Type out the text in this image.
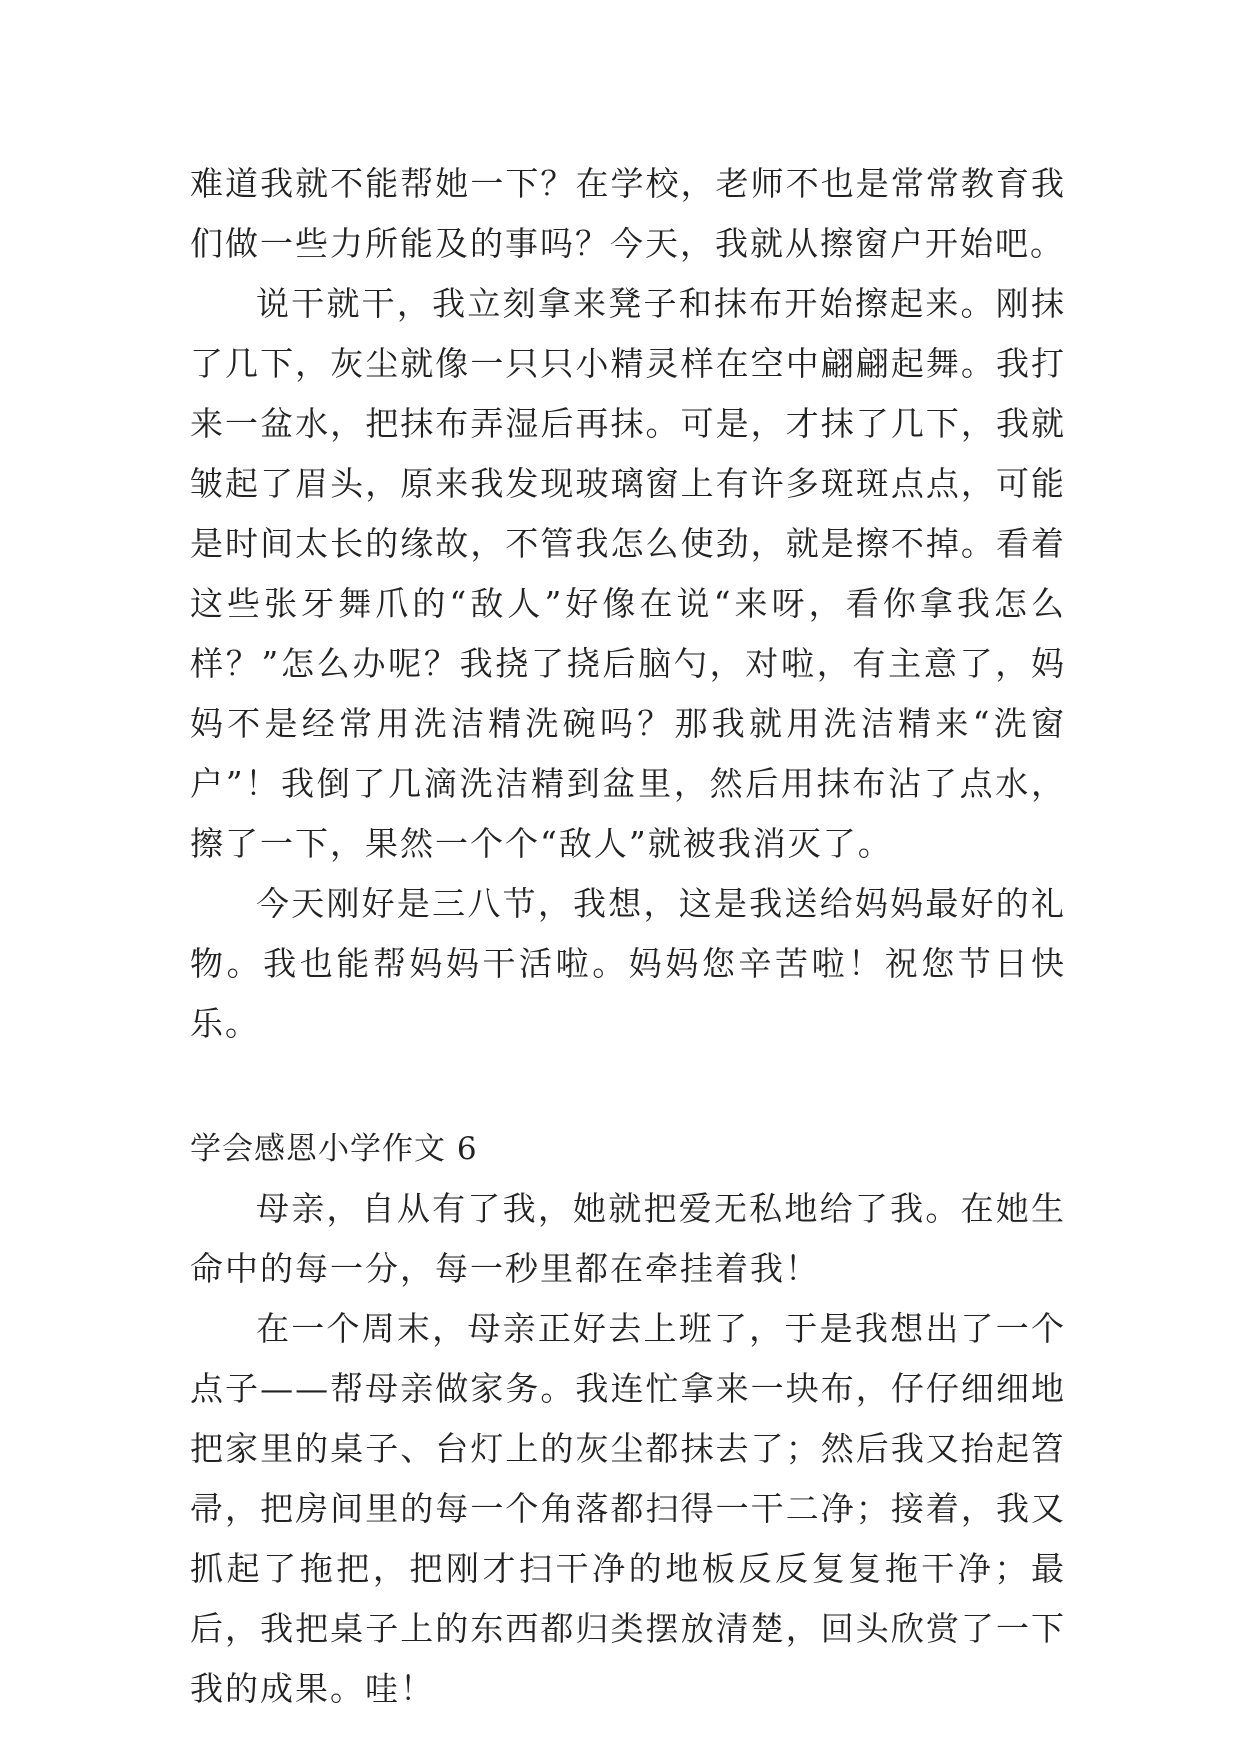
难道我就不能帮她一下？在学校，老师不也是常常教育我们做一些力所能及的事吗？今天，我就从擦窗户开始吧。

说干就干，我立刻拿来凳子和抹布开始擦起来。刚抹了几下，灰尘就像一只只小精灵样在空中翩翩起舞。我打来一盆水，把抹布弄湿后再抹。可是，才抹了几下，我就皱起了眉头，原来我发现玻璃窗上有许多斑斑点点，可能是时间太长的缘故，不管我怎么使劲，就是擦不掉。看着这些张牙舞爪的“敌人”好像在说“来呀，看你拿我怎么样？”怎么办呢？我挠了挠后脑勺，对啦，有主意了，妈妈不是经常用洗洁精洗碗吗？那我就用洗洁精来“洗窗户”！我倒了几滴洗洁精到盆里，然后用抹布沾了点水，擦了一下，果然一个个“敌人”就被我消灭了。

今天刚好是三八节，我想，这是我送给妈妈最好的礼物。我也能帮妈妈干活啦。妈妈您辛苦啦！祝您节日快乐。

学会感恩小学作文 6

母亲，自从有了我，她就把爱无私地给了我。在她生命中的每一分，每一秒里都在牵挂着我！

在一个周末，母亲正好去上班了，于是我想出了一个点子——帮母亲做家务。我连忙拿来一块布，仔仔细细地把家里的桌子、台灯上的灰尘都抹去了；然后我又抬起笤帚，把房间里的每一个角落都扫得一干二净；接着，我又抓起了拖把，把刚才扫干净的地板反反复复拖干净；最后，我把桌子上的东西都归类摆放清楚，回头欣赏了一下我的成果。哇！
